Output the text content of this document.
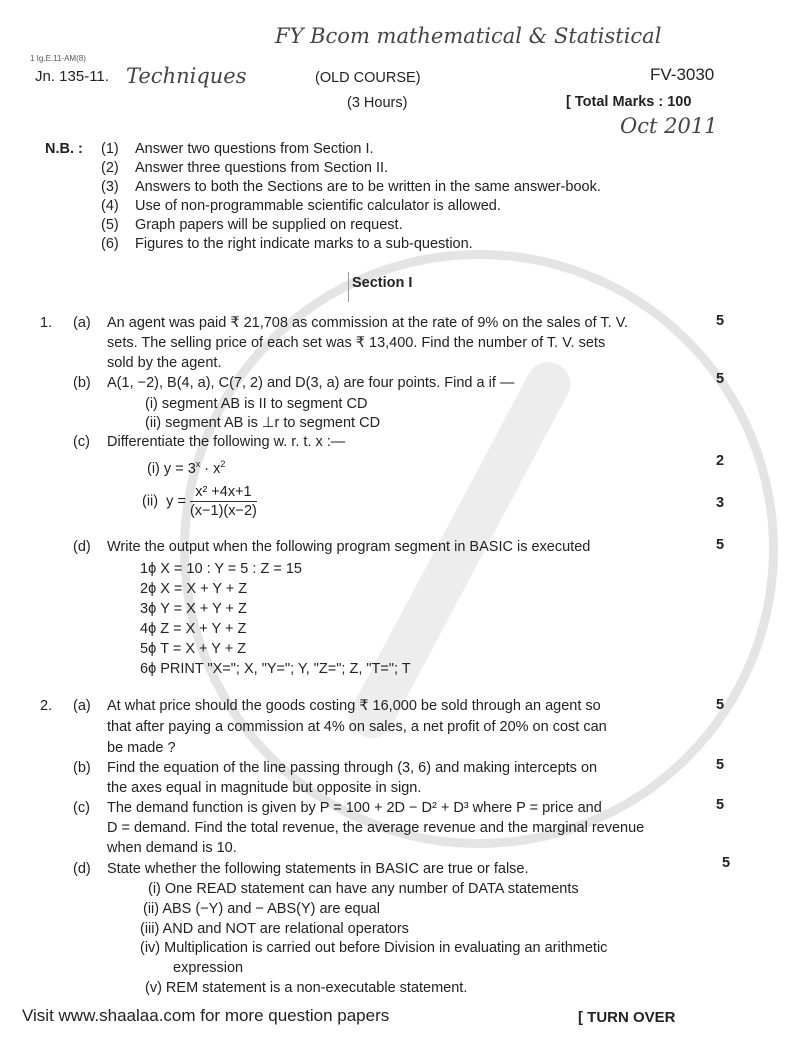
FY Bcom mathematical & Statistical
1 Ig.E.11-AM(8)
Jn. 135-11. Techniques	(OLD COURSE)	FV-3030
(3 Hours)	[ Total Marks : 100
Oct 2011
N.B. : (1) Answer two questions from Section I.
(2) Answer three questions from Section II.
(3) Answers to both the Sections are to be written in the same answer-book.
(4) Use of non-programmable scientific calculator is allowed.
(5) Graph papers will be supplied on request.
(6) Figures to the right indicate marks to a sub-question.
Section I
1. (a) An agent was paid ₹ 21,708 as commission at the rate of 9% on the sales of T. V.
sets. The selling price of each set was ₹ 13,400. Find the number of T. V. sets
sold by the agent.
5
(b) A(1, −2), B(4, a), C(7, 2) and D(3, a) are four points. Find a if —	5
(i) segment AB is II to segment CD
(ii) segment AB is ⊥r to segment CD
(c) Differentiate the following w. r. t. x :—
(i) $y = 3^x \cdot x^2$	2
(ii) $y = \frac{\text{x² +4x+1}}{(x-1)(x-2)}$	3
(d) Write the output when the following program segment in BASIC is executed	5
1ϕ X = 10 : Y = 5 : Z = 15
2ϕ X = X + Y + Z
3ϕ Y = X + Y + Z
4ϕ Z = X + Y + Z
5ϕ T = X + Y + Z
6ϕ PRINT "X="; X, "Y="; Y, "Z="; Z, "T="; T
2. (a) At what price should the goods costing ₹ 16,000 be sold through an agent so
that after paying a commission at 4% on sales, a net profit of 20% on cost can
be made ?
5
(b) Find the equation of the line passing through (3, 6) and making intercepts on
the axes equal in magnitude but opposite in sign.
5
(c) The demand function is given by P = 100 + 2D − D² + D³ where P = price and
D = demand. Find the total revenue, the average revenue and the marginal revenue
when demand is 10.
5
(d) State whether the following statements in BASIC are true or false.	5
(i) One READ statement can have any number of DATA statements
(ii) ABS (−Y) and − ABS(Y) are equal
(iii) AND and NOT are relational operators
(iv) Multiplication is carried out before Division in evaluating an arithmetic
expression
(v) REM statement is a non-executable statement.
Visit www.shaalaa.com for more question papers	[ TURN OVER
